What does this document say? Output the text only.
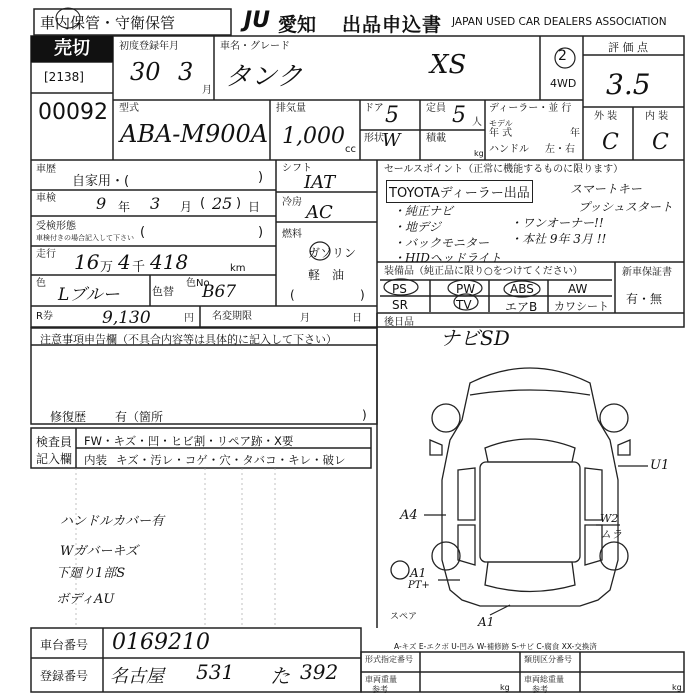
車内保管・守衛保管	JU 愛知 出品申込書 JAPAN USED CAR DEALERS ASSOCIATION
売切
[2138]
00092
初度登録年月
30 3
月
車名・グレード
タンク	XS	2
4WD
評 価 点
3.5
外 装
C
内 装
C
型式
ABA-M900A
排気量
1,000
cc
ドア 5	定員 5 人
形状
W	積載
kg
ディーラー・並 行
モデル
年 式	年
ハンドル 左・右
車歴
自家用・(	)
車検	9 年 3 月 ( 25 ) 日
受検形態
車検付きの場合記入して下さい (	)
走行 16 万 4 千 418	km
色
Lブルー	色替
色No
B67
シフト
IAT
冷房 AC
燃料
ガソリン
軽　油
(	)
R券	9,130	円 名変期限	月	日
セールスポイント（正常に機能するものに限ります）
TOYOTAディーラー出品
・純正ナビ
・地デジ
・バックモニター
・HIDヘッドライト
スマートキー
プッシュスタート
・ワンオーナー!!
・本社 9年 3月 !!
装備品（純正品に限り○をつけてください）
PS	PW	ABS	AW
SR	TV	エアB カワシート
新車保証書
有・無
後日品
ナビSD
注意事項申告欄（不具合内容等は具体的に記入して下さい）
修復歴 有（箇所	)
検査員
記入欄
FW・キズ・凹・ヒビ割・リペア跡・X要
内装 キズ・汚レ・コゲ・穴・タバコ・キレ・破レ
ハンドルカバー有
Wガバーキズ
下廻り1部S
ボディAU
U1
A4	W2
ムラ
A1
PT+
A1
スペア
A-キズ E-エクボ U-凹み W-補修跡 S-サビ C-腐食 XX-交換済
車台番号 0169210
登録番号 名古屋 531 た 392
形式指定番号	類別区分番号
車両重量	車両総重量
kg	kg
参考	参考
